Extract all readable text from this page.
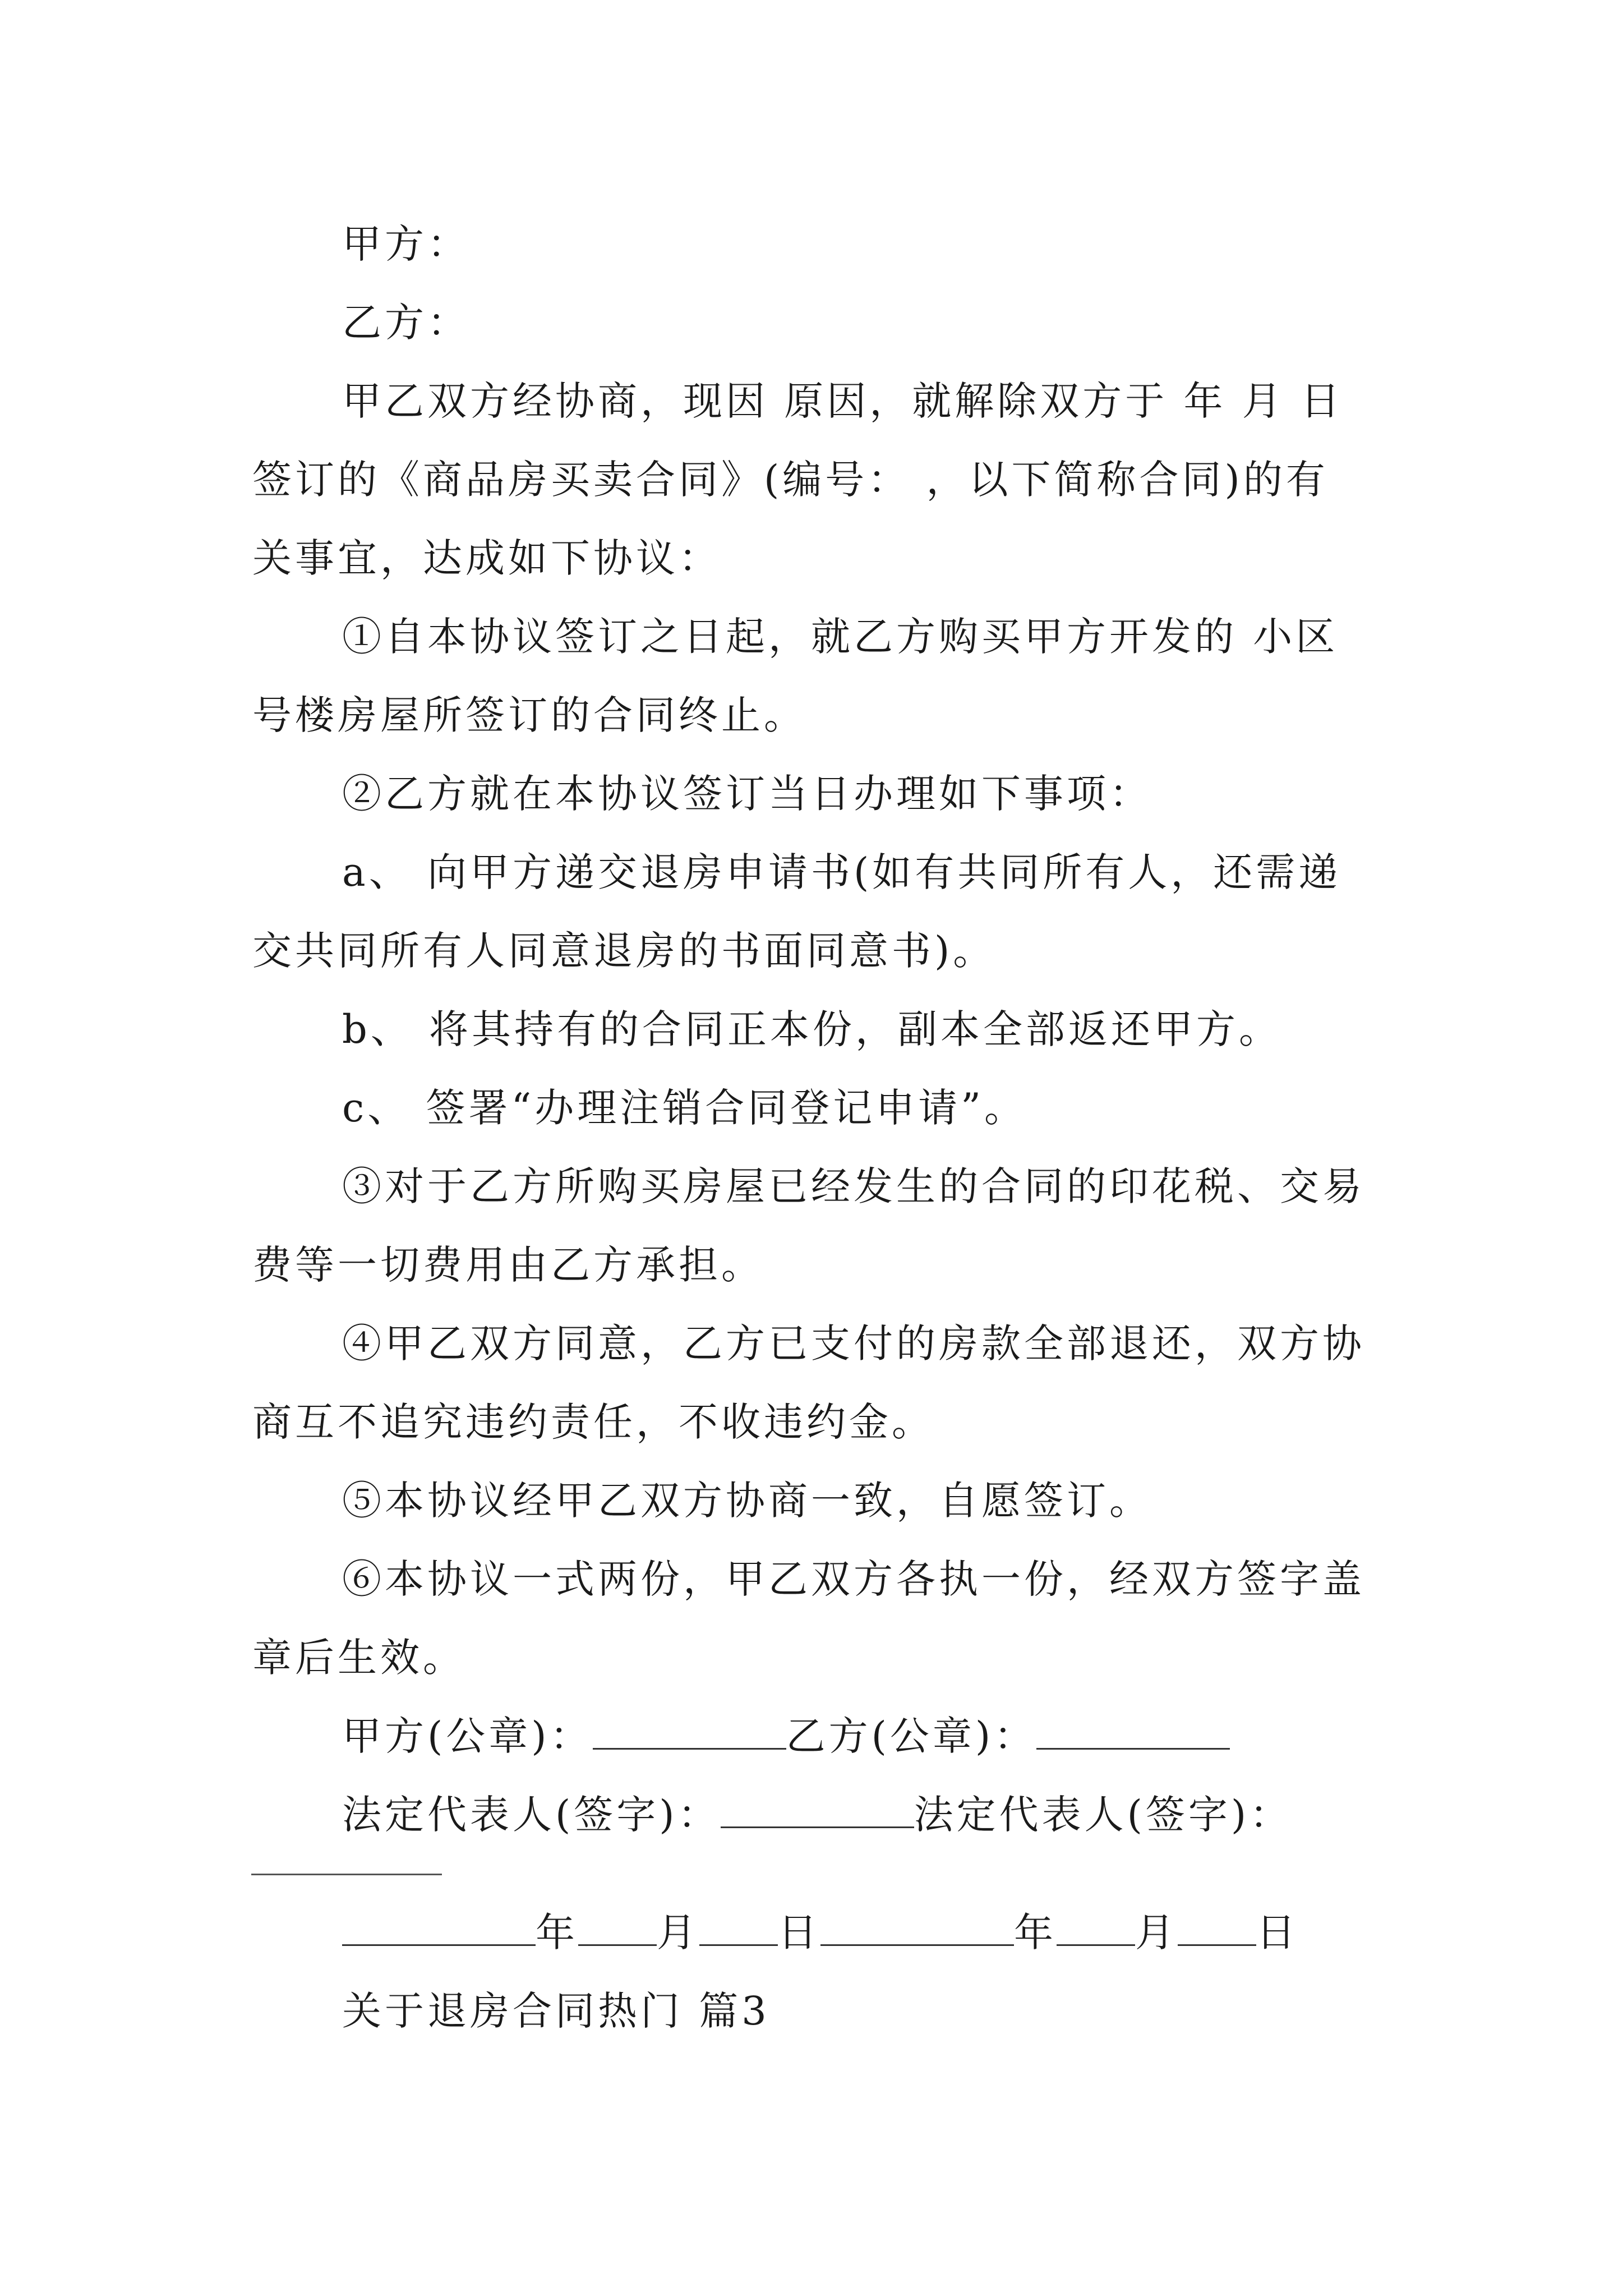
甲方：

乙方：

甲乙双方经协商，现因 原因，就解除双方于 年 月 日

签订的《商品房买卖合同》(编号： ，以下简称合同)的有

关事宜，达成如下协议：

①自本协议签订之日起，就乙方购买甲方开发的 小区

号楼房屋所签订的合同终止。

②乙方就在本协议签订当日办理如下事项：

a、 向甲方递交退房申请书(如有共同所有人，还需递

交共同所有人同意退房的书面同意书)。

b、 将其持有的合同正本份，副本全部返还甲方。

c、 签署“办理注销合同登记申请”。

③对于乙方所购买房屋已经发生的合同的印花税、交易

费等一切费用由乙方承担。

④甲乙双方同意，乙方已支付的房款全部退还，双方协

商互不追究违约责任，不收违约金。

⑤本协议经甲乙双方协商一致，自愿签订。

⑥本协议一式两份，甲乙双方各执一份，经双方签字盖

章后生效。

甲方(公章)：	乙方(公章)：

法定代表人(签字)：	法定代表人(签字)：

年 月 日	年 月 日

关于退房合同热门 篇3
